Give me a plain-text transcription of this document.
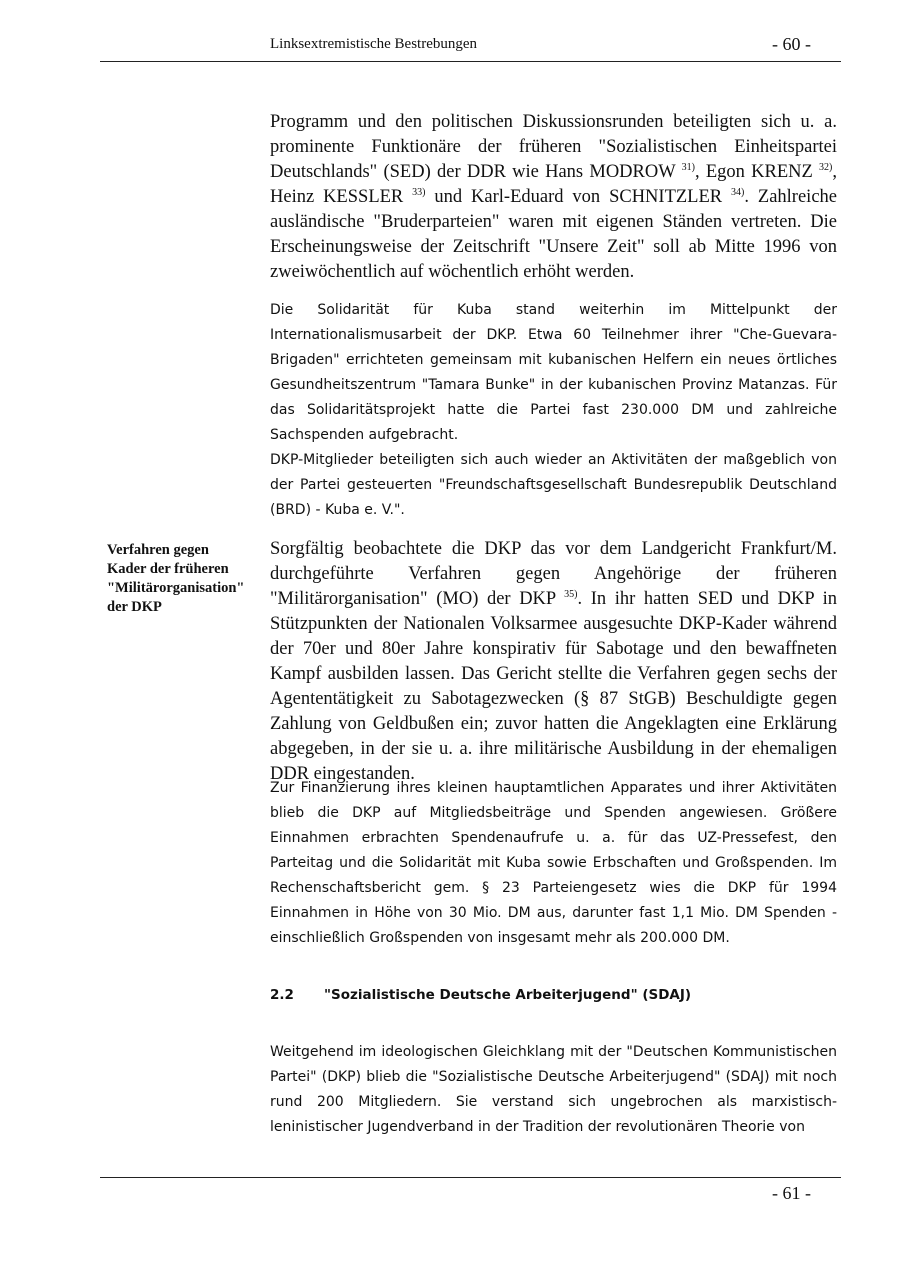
Linksextremistische Bestrebungen	- 60 -

Programm und den politischen Diskussionsrunden beteiligten sich u. a. prominente Funktionäre der früheren "Sozialistischen Einheitspartei Deutschlands" (SED) der DDR wie Hans MODROW $^{31)}$, Egon KRENZ $^{32)}$, Heinz KESSLER $^{33)}$ und Karl-Eduard von SCHNITZLER $^{34)}$. Zahlreiche ausländische "Bruderparteien" waren mit eigenen Ständen vertreten. Die Erscheinungsweise der Zeitschrift "Unsere Zeit" soll ab Mitte 1996 von zweiwöchentlich auf wöchentlich erhöht werden.

Die Solidarität für Kuba stand weiterhin im Mittelpunkt der Internationalismusarbeit der DKP. Etwa 60 Teilnehmer ihrer "Che-Guevara-Brigaden" errichteten gemeinsam mit kubanischen Helfern ein neues örtliches Gesundheitszentrum "Tamara Bunke" in der kubanischen Provinz Matanzas. Für das Solidaritätsprojekt hatte die Partei fast 230.000 DM und zahlreiche Sachspenden aufgebracht.

DKP-Mitglieder beteiligten sich auch wieder an Aktivitäten der maßgeblich von der Partei gesteuerten "Freundschaftsgesellschaft Bundesrepublik Deutschland (BRD) - Kuba e. V.".

Verfahren gegen
Kader der früheren
"Militärorganisation"
der DKP

Sorgfältig beobachtete die DKP das vor dem Landgericht Frankfurt/M. durchgeführte Verfahren gegen Angehörige der früheren "Militärorganisation" (MO) der DKP $^{35)}$. In ihr hatten SED und DKP in Stützpunkten der Nationalen Volksarmee ausgesuchte DKP-Kader während der 70er und 80er Jahre konspirativ für Sabotage und den bewaffneten Kampf ausbilden lassen. Das Gericht stellte die Verfahren gegen sechs der Agententätigkeit zu Sabotagezwecken (§ 87 StGB) Beschuldigte gegen Zahlung von Geldbußen ein; zuvor hatten die Angeklagten eine Erklärung abgegeben, in der sie u. a. ihre militärische Ausbildung in der ehemaligen DDR eingestanden.

Zur Finanzierung ihres kleinen hauptamtlichen Apparates und ihrer Aktivitäten blieb die DKP auf Mitgliedsbeiträge und Spenden angewiesen. Größere Einnahmen erbrachten Spendenaufrufe u. a. für das UZ-Pressefest, den Parteitag und die Solidarität mit Kuba sowie Erbschaften und Großspenden. Im Rechenschaftsbericht gem. § 23 Parteiengesetz wies die DKP für 1994 Einnahmen in Höhe von 30 Mio. DM aus, darunter fast 1,1 Mio. DM Spenden - einschließlich Großspenden von insgesamt mehr als 200.000 DM.

2.2 "Sozialistische Deutsche Arbeiterjugend" (SDAJ)

Weitgehend im ideologischen Gleichklang mit der "Deutschen Kommunistischen Partei" (DKP) blieb die "Sozialistische Deutsche Arbeiterjugend" (SDAJ) mit noch rund 200 Mitgliedern. Sie verstand sich ungebrochen als marxistisch-leninistischer Jugendverband in der Tradition der revolutionären Theorie von

- 61 -
